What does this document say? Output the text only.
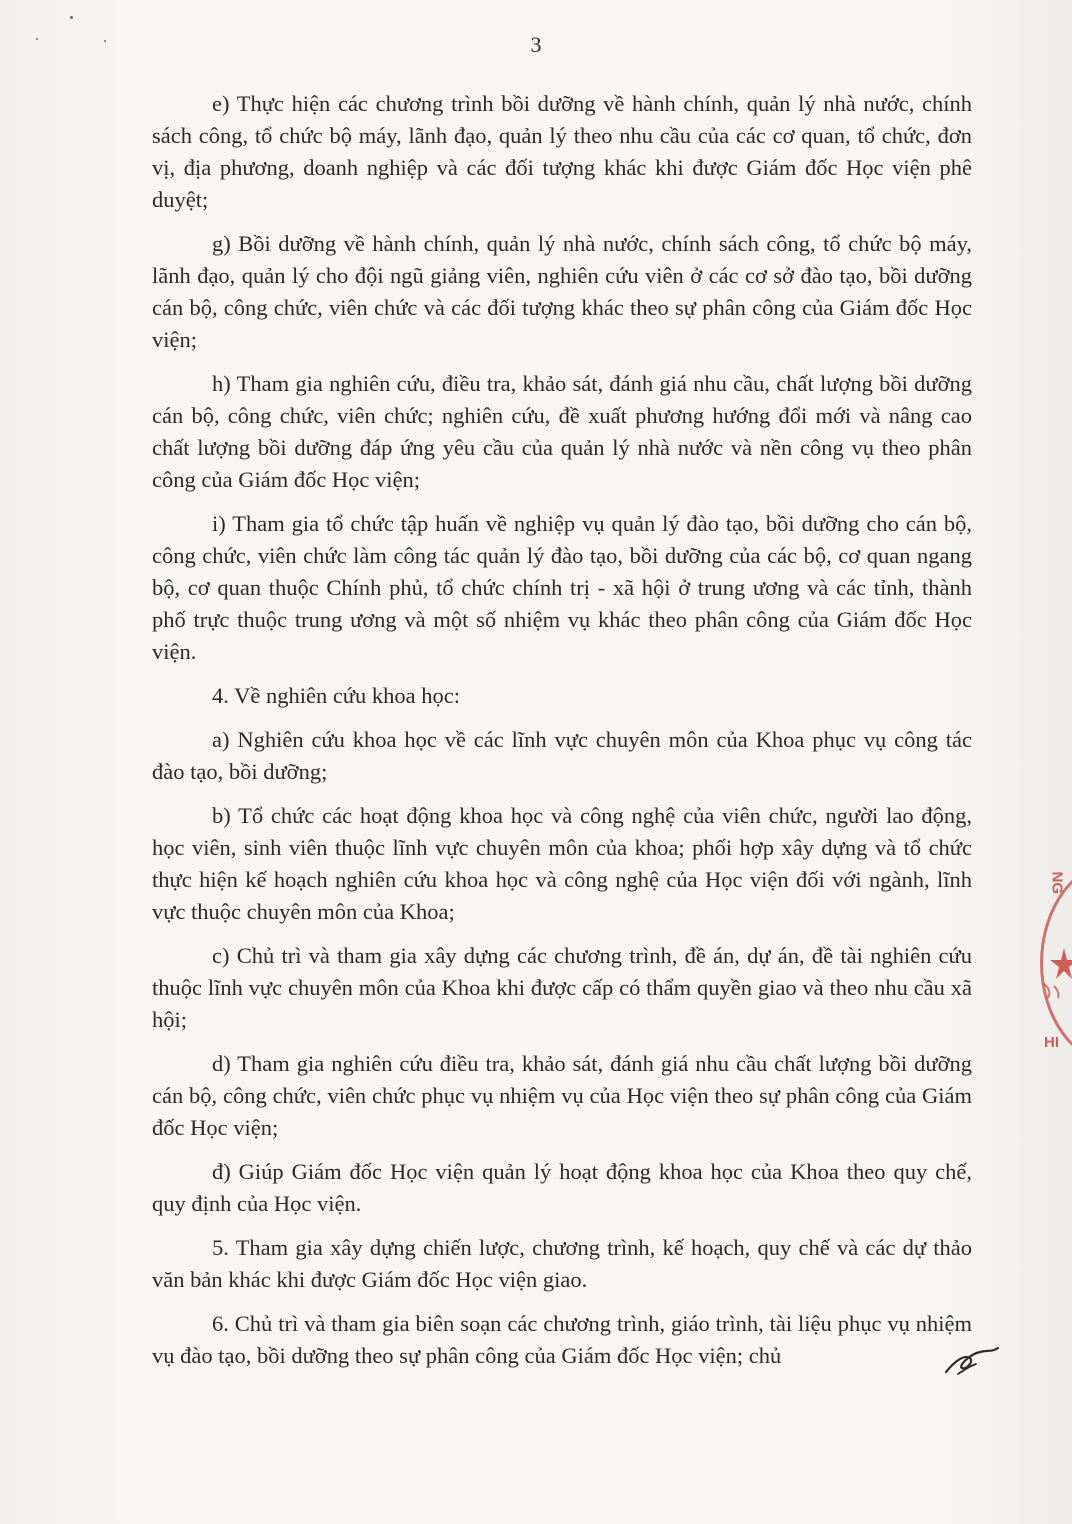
3

e) Thực hiện các chương trình bồi dưỡng về hành chính, quản lý nhà nước, chính sách công, tổ chức bộ máy, lãnh đạo, quản lý theo nhu cầu của các cơ quan, tổ chức, đơn vị, địa phương, doanh nghiệp và các đối tượng khác khi được Giám đốc Học viện phê duyệt;

g) Bồi dưỡng về hành chính, quản lý nhà nước, chính sách công, tổ chức bộ máy, lãnh đạo, quản lý cho đội ngũ giảng viên, nghiên cứu viên ở các cơ sở đào tạo, bồi dưỡng cán bộ, công chức, viên chức và các đối tượng khác theo sự phân công của Giám đốc Học viện;

h) Tham gia nghiên cứu, điều tra, khảo sát, đánh giá nhu cầu, chất lượng bồi dưỡng cán bộ, công chức, viên chức; nghiên cứu, đề xuất phương hướng đổi mới và nâng cao chất lượng bồi dưỡng đáp ứng yêu cầu của quản lý nhà nước và nền công vụ theo phân công của Giám đốc Học viện;

i) Tham gia tổ chức tập huấn về nghiệp vụ quản lý đào tạo, bồi dưỡng cho cán bộ, công chức, viên chức làm công tác quản lý đào tạo, bồi dưỡng của các bộ, cơ quan ngang bộ, cơ quan thuộc Chính phủ, tổ chức chính trị - xã hội ở trung ương và các tỉnh, thành phố trực thuộc trung ương và một số nhiệm vụ khác theo phân công của Giám đốc Học viện.

4. Về nghiên cứu khoa học:

a) Nghiên cứu khoa học về các lĩnh vực chuyên môn của Khoa phục vụ công tác đào tạo, bồi dưỡng;

b) Tổ chức các hoạt động khoa học và công nghệ của viên chức, người lao động, học viên, sinh viên thuộc lĩnh vực chuyên môn của khoa; phối hợp xây dựng và tổ chức thực hiện kế hoạch nghiên cứu khoa học và công nghệ của Học viện đối với ngành, lĩnh vực thuộc chuyên môn của Khoa;

c) Chủ trì và tham gia xây dựng các chương trình, đề án, dự án, đề tài nghiên cứu thuộc lĩnh vực chuyên môn của Khoa khi được cấp có thẩm quyền giao và theo nhu cầu xã hội;

d) Tham gia nghiên cứu điều tra, khảo sát, đánh giá nhu cầu chất lượng bồi dưỡng cán bộ, công chức, viên chức phục vụ nhiệm vụ của Học viện theo sự phân công của Giám đốc Học viện;

đ) Giúp Giám đốc Học viện quản lý hoạt động khoa học của Khoa theo quy chế, quy định của Học viện.

5. Tham gia xây dựng chiến lược, chương trình, kế hoạch, quy chế và các dự thảo văn bản khác khi được Giám đốc Học viện giao.

6. Chủ trì và tham gia biên soạn các chương trình, giáo trình, tài liệu phục vụ nhiệm vụ đào tạo, bồi dưỡng theo sự phân công của Giám đốc Học viện; chủ

NG
HI
